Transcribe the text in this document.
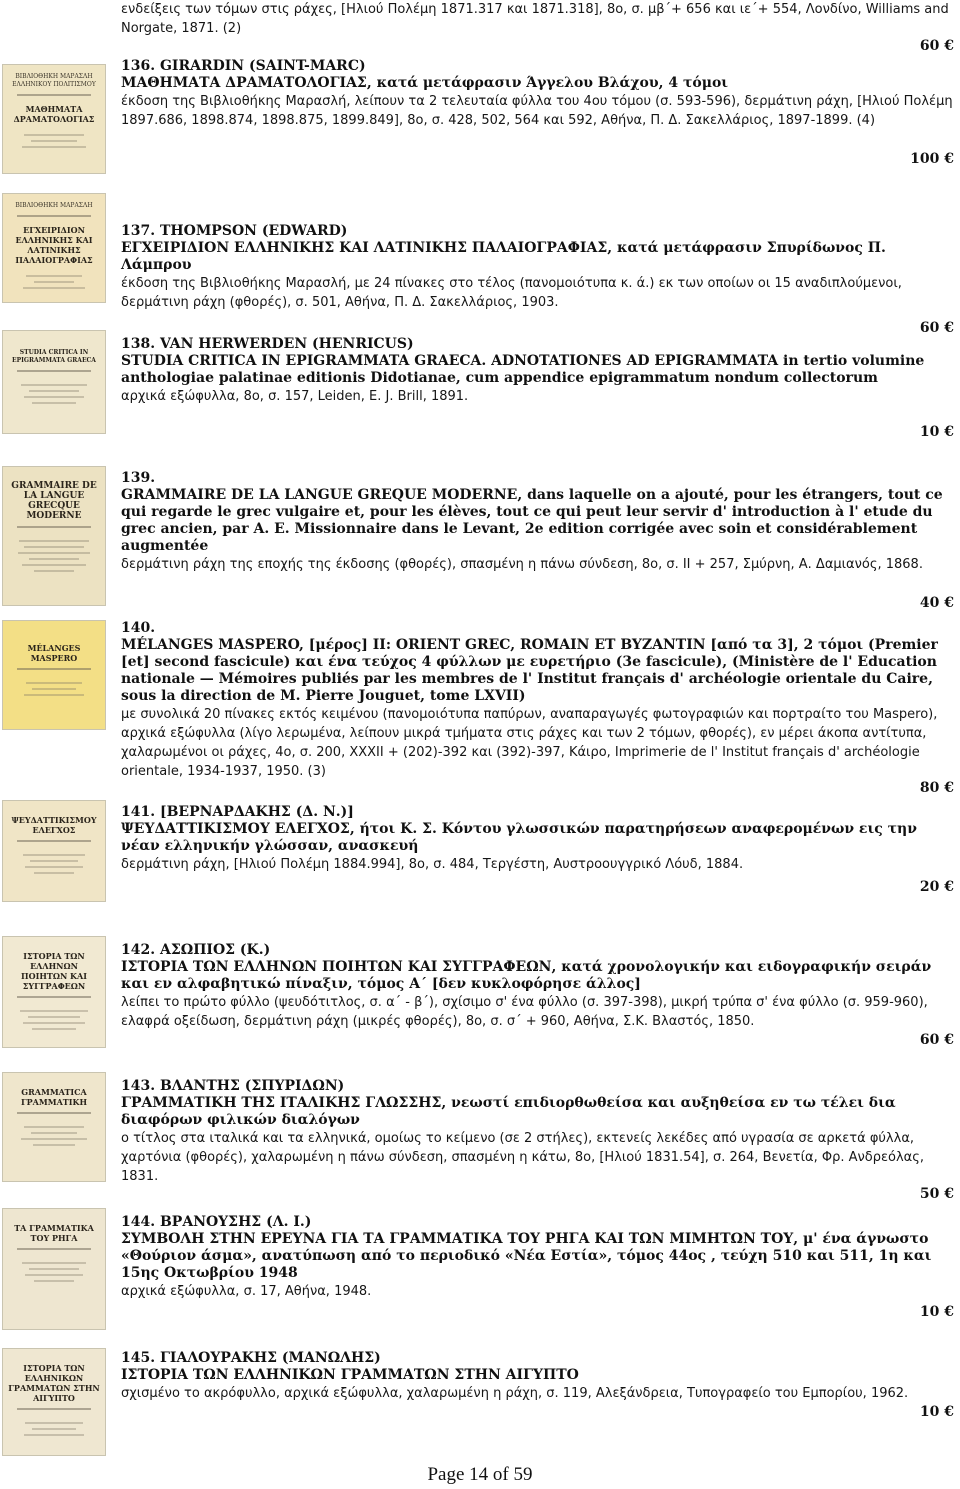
ενδείξεις των τόμων στις ράχες, [Ηλιού Πολέμη 1871.317 και 1871.318], 8ο, σ. μβ΄+ 656 και ιε΄+ 554, Λονδίνο, Williams and Norgate, 1871. (2)
60 €
ΒΙΒΛΙΟΘΗΚΗ ΜΑΡΑΣΛΗ
ΕΛΛΗΝΙΚΟΥ ΠΟΛΙΤΙΣΜΟΥ
ΜΑΘΗΜΑΤΑ ΔΡΑΜΑΤΟΛΟΓΙΑΣ
136. GIRARDIN (SAINT-MARC)
ΜΑΘΗΜΑΤΑ ΔΡΑΜΑΤΟΛΟΓΙΑΣ, κατά μετάφρασιν Άγγελου Βλάχου, 4 τόμοι
έκδοση της Βιβλιοθήκης Μαρασλή, λείπουν τα 2 τελευταία φύλλα του 4ου τόμου (σ. 593-596), δερμάτινη ράχη, [Ηλιού Πολέμη 1897.686, 1898.874, 1898.875, 1899.849], 8ο, σ. 428, 502, 564 και 592, Αθήνα, Π. Δ. Σακελλάριος, 1897-1899. (4)
100 €
ΒΙΒΛΙΟΘΗΚΗ ΜΑΡΑΣΛΗ
ΕΓΧΕΙΡΙΔΙΟΝ ΕΛΛΗΝΙΚΗΣ ΚΑΙ ΛΑΤΙΝΙΚΗΣ ΠΑΛΑΙΟΓΡΑΦΙΑΣ
137. THOMPSON (EDWARD)
ΕΓΧΕΙΡΙΔΙΟΝ ΕΛΛΗΝΙΚΗΣ ΚΑΙ ΛΑΤΙΝΙΚΗΣ ΠΑΛΑΙΟΓΡΑΦΙΑΣ, κατά μετάφρασιν Σπυρίδωνος Π. Λάμπρου
έκδοση της Βιβλιοθήκης Μαρασλή, με 24 πίνακες στο τέλος (πανομοιότυπα κ. ά.) εκ των οποίων οι 15 αναδιπλούμενοι, δερμάτινη ράχη (φθορές), σ. 501, Αθήνα, Π. Δ. Σακελλάριος, 1903.
60 €
STUDIA CRITICA IN EPIGRAMMATA GRAECA
138. VAN HERWERDEN (HENRICUS)
STUDIA CRITICA IN EPIGRAMMATA GRAECA. ADNOTATIONES AD EPIGRAMMATA in tertio volumine anthologiae palatinae editionis Didotianae, cum appendice epigrammatum nondum collectorum
αρχικά εξώφυλλα, 8ο, σ. 157, Leiden, E. J. Brill, 1891.
10 €
GRAMMAIRE DE LA LANGUE GRECQUE MODERNE
139.
GRAMMAIRE DE LA LANGUE GREQUE MODERNE, dans laquelle on a ajouté, pour les étrangers, tout ce qui regarde le grec vulgaire et, pour les élèves, tout ce qui peut leur servir d' introduction à l' etude du grec ancien, par A. E. Missionnaire dans le Levant, 2e edition corrigée avec soin et considérablement augmentée
δερμάτινη ράχη της εποχής της έκδοσης (φθορές), σπασμένη η πάνω σύνδεση, 8ο, σ. II + 257, Σμύρνη, Α. Δαμιανός, 1868.
40 €
MÉLANGES MASPERO
140.
MÉLANGES MASPERO, [μέρος] II: ORIENT GREC, ROMAIN ET BYZANTIN [από τα 3], 2 τόμοι (Premier [et] second fascicule) και ένα τεύχος 4 φύλλων με ευρετήριο (3e fascicule), (Ministère de l' Education nationale — Mémoires publiés par les membres de l' Institut français d' archéologie orientale du Caire, sous la direction de M. Pierre Jouguet, tome LXVII)
με συνολικά 20 πίνακες εκτός κειμένου (πανομοιότυπα παπύρων, αναπαραγωγές φωτογραφιών και πορτραίτο του Maspero), αρχικά εξώφυλλα (λίγο λερωμένα, λείπουν μικρά τμήματα στις ράχες και των 2 τόμων, φθορές), εν μέρει άκοπα αντίτυπα, χαλαρωμένοι οι ράχες, 4ο, σ. 200, XXXII + (202)-392 και (392)-397, Κάιρο, Imprimerie de l' Institut français d' archéologie orientale, 1934-1937, 1950. (3)
80 €
ΨΕΥΔΑΤΤΙΚΙΣΜΟΥ ΕΛΕΓΧΟΣ
141. [ΒΕΡΝΑΡΔΑΚΗΣ (Δ. Ν.)]
ΨΕΥΔΑΤΤΙΚΙΣΜΟΥ ΕΛΕΓΧΟΣ, ήτοι Κ. Σ. Κόντου γλωσσικών παρατηρήσεων αναφερομένων εις την νέαν ελληνικήν γλώσσαν, ανασκευή
δερμάτινη ράχη, [Ηλιού Πολέμη 1884.994], 8ο, σ. 484, Τεργέστη, Αυστροουγγρικό Λόυδ, 1884.
20 €
ΙΣΤΟΡΙΑ ΤΩΝ ΕΛΛΗΝΩΝ ΠΟΙΗΤΩΝ ΚΑΙ ΣΥΓΓΡΑΦΕΩΝ
142. ΑΣΩΠΙΟΣ (Κ.)
ΙΣΤΟΡΙΑ ΤΩΝ ΕΛΛΗΝΩΝ ΠΟΙΗΤΩΝ ΚΑΙ ΣΥΓΓΡΑΦΕΩΝ, κατά χρονολογικήν και ειδογραφικήν σειράν και εν αλφαβητικώ πίναξιν, τόμος Α΄ [δεν κυκλοφόρησε άλλος]
λείπει το πρώτο φύλλο (ψευδότιτλος, σ. α΄ - β΄), σχίσιμο σ' ένα φύλλο (σ. 397-398), μικρή τρύπα σ' ένα φύλλο (σ. 959-960), ελαφρά οξείδωση, δερμάτινη ράχη (μικρές φθορές), 8ο, σ. σ΄ + 960, Αθήνα, Σ.Κ. Βλαστός, 1850.
60 €
GRAMMATICA ΓΡΑΜΜΑΤΙΚΗ
143. ΒΛΑΝΤΗΣ (ΣΠΥΡΙΔΩΝ)
ΓΡΑΜΜΑΤΙΚΗ ΤΗΣ ΙΤΑΛΙΚΗΣ ΓΛΩΣΣΗΣ, νεωστί επιδιορθωθείσα και αυξηθείσα εν τω τέλει δια διαφόρων φιλικών διαλόγων
ο τίτλος στα ιταλικά και τα ελληνικά, ομοίως το κείμενο (σε 2 στήλες), εκτενείς λεκέδες από υγρασία σε αρκετά φύλλα, χαρτόνια (φθορές), χαλαρωμένη η πάνω σύνδεση, σπασμένη η κάτω, 8ο, [Ηλιού 1831.54], σ. 264, Βενετία, Φρ. Ανδρεόλας, 1831.
50 €
ΤΑ ΓΡΑΜΜΑΤΙΚΑ ΤΟΥ ΡΗΓΑ
144. ΒΡΑΝΟΥΣΗΣ (Λ. Ι.)
ΣΥΜΒΟΛΗ ΣΤΗΝ ΕΡΕΥΝΑ ΓΙΑ ΤΑ ΓΡΑΜΜΑΤΙΚΑ ΤΟΥ ΡΗΓΑ ΚΑΙ ΤΩΝ ΜΙΜΗΤΩΝ ΤΟΥ, μ' ένα άγνωστο «Θούριον άσμα», ανατύπωση από το περιοδικό «Νέα Εστία», τόμος 44ος , τεύχη 510 και 511, 1η και 15ης Οκτωβρίου 1948
αρχικά εξώφυλλα, σ. 17, Αθήνα, 1948.
10 €
ΙΣΤΟΡΙΑ ΤΩΝ ΕΛΛΗΝΙΚΩΝ ΓΡΑΜΜΑΤΩΝ ΣΤΗΝ ΑΙΓΥΠΤΟ
145. ΓΙΑΛΟΥΡΑΚΗΣ (ΜΑΝΩΛΗΣ)
ΙΣΤΟΡΙΑ ΤΩΝ ΕΛΛΗΝΙΚΩΝ ΓΡΑΜΜΑΤΩΝ ΣΤΗΝ ΑΙΓΥΠΤΟ
σχισμένο το ακρόφυλλο, αρχικά εξώφυλλα, χαλαρωμένη η ράχη, σ. 119, Αλεξάνδρεια, Τυπογραφείο του Εμπορίου, 1962.
10 €
Page 14 of 59
